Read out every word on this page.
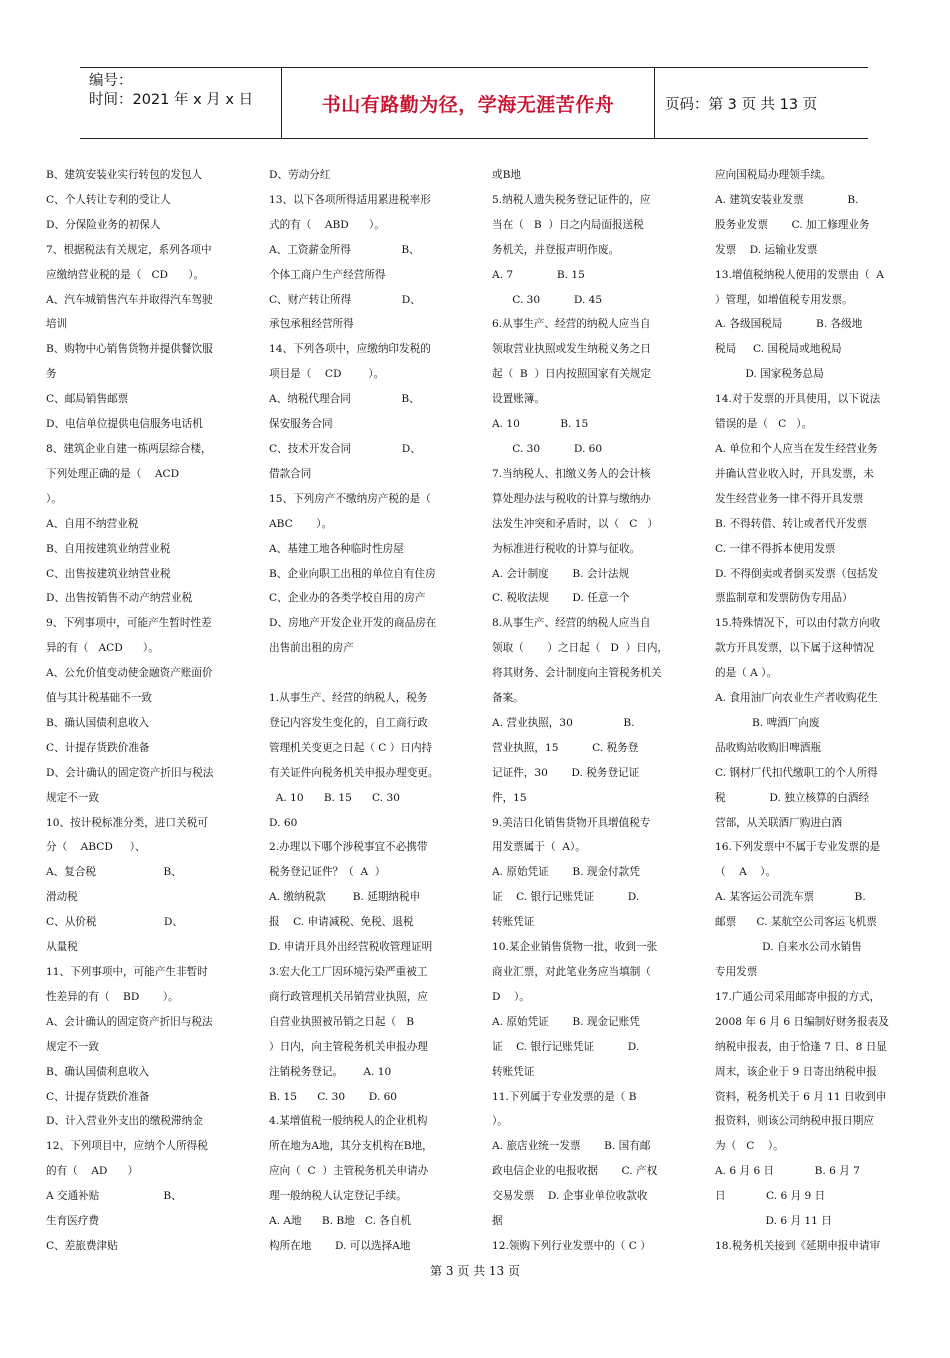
编号：
时间：2021 年 x 月 x 日	书山有路勤为径，学海无涯苦作舟	页码：第 3 页 共 13 页
B、建筑安装业实行转包的发包人
C、个人转让专利的受让人
D、分保险业务的初保人
7、根据税法有关规定，系列各项中
应缴纳营业税的是（   CD      ）。
A、汽车城销售汽车并取得汽车驾驶
培训
B、购物中心销售货物并提供餐饮服
务
C、邮局销售邮票
D、电信单位提供电信服务电话机
8、建筑企业自建一栋两层综合楼，
下列处理正确的是（    ACD
）。
A、自用不纳营业税
B、自用按建筑业纳营业税
C、出售按建筑业纳营业税
D、出售按销售不动产纳营业税
9、下列事项中，可能产生暂时性差
异的有（   ACD      ）。
A、公允价值变动使金融资产账面价
值与其计税基础不一致
B、确认国债利息收入
C、计提存货跌价准备
D、会计确认的固定资产折旧与税法
规定不一致
10、按计税标准分类，进口关税可
分（    ABCD     ）、
A、复合税                    B、
滑动税
C、从价税                    D、
从量税
11、下列事项中，可能产生非暂时
性差异的有（    BD       ）。
A、会计确认的固定资产折旧与税法
规定不一致
B、确认国债利息收入
C、计提存货跌价准备
D、计入营业外支出的缴税滞纳金
12、下列项目中，应纳个人所得税
的有（    AD      ）
A 交通补贴                   B、
生育医疗费
C、差旅费津贴
D、劳动分红
13、以下各项所得适用累进税率形
式的有（    ABD      ）。
A、工资薪金所得               B、
个体工商户生产经营所得
C、财产转让所得               D、
承包承租经营所得
14、下列各项中，应缴纳印发税的
项目是（    CD        ）。
A、纳税代理合同               B、
保安服务合同
C、技术开发合同               D、
借款合同
15、下列房产不缴纳房产税的是（
ABC       ）。
A、基建工地各种临时性房屋
B、企业向职工出租的单位自有住房
C、企业办的各类学校自用的房产
D、房地产开发企业开发的商品房在
出售前出租的房产
1.从事生产、经营的纳税人，税务
登记内容发生变化的，自工商行政
管理机关变更之日起（ C ）日内持
有关证件向税务机关申报办理变更。
A. 10      B. 15      C. 30
D. 60
2.办理以下哪个涉税事宜不必携带
税务登记证件？（  A  ）
A. 缴纳税款        B. 延期纳税申
报    C. 申请减税、免税、退税
D. 申请开具外出经营税收管理证明
3.宏大化工厂因环境污染严重被工
商行政管理机关吊销营业执照，应
自营业执照被吊销之日起（   B
）日内，向主管税务机关申报办理
注销税务登记。      A. 10
B. 15      C. 30       D. 60
4.某增值税一般纳税人的企业机构
所在地为A地，其分支机构在B地，
应向（  C  ）主管税务机关申请办
理一般纳税人认定登记手续。
A. A地      B. B地   C. 各自机
构所在地       D. 可以选择A地
或B地
5.纳税人遗失税务登记证件的，应
当在（   B  ）日之内局面报送税
务机关，并登报声明作废。
A. 7             B. 15
C. 30          D. 45
6.从事生产、经营的纳税人应当自
领取营业执照或发生纳税义务之日
起（  B  ）日内按照国家有关规定
设置账簿。
A. 10            B. 15
C. 30          D. 60
7.当纳税人、扣缴义务人的会计核
算处理办法与税收的计算与缴纳办
法发生冲突和矛盾时，以（   C   ）
为标准进行税收的计算与征收。
A. 会计制度       B. 会计法规
C. 税收法规       D. 任意一个
8.从事生产、经营的纳税人应当自
领取（       ）之日起（   D  ）日内，
将其财务、会计制度向主管税务机关
备案。
A. 营业执照，30               B.
营业执照，15          C. 税务登
记证件，30       D. 税务登记证
件，15
9.美洁日化销售货物开具增值税专
用发票属于（  A）。
A. 原始凭证       B. 现金付款凭
证    C. 银行记账凭证          D.
转账凭证
10.某企业销售货物一批，收到一张
商业汇票，对此笔业务应当填制（
D    ）。
A. 原始凭证       B. 现金记账凭
证    C. 银行记账凭证          D.
转账凭证
11.下列属于专业发票的是（ B
）。
A. 旅店业统一发票       B. 国有邮
政电信企业的电报收据       C. 产权
交易发票    D. 企事业单位收款收
据
12.领购下列行业发票中的（ C ）
应向国税局办理领手续。
A. 建筑安装业发票             B.
股务业发票       C. 加工修理业务
发票    D. 运输业发票
13.增值税纳税人使用的发票由（  A
）管理，如增值税专用发票。
A. 各级国税局          B. 各级地
税局     C. 国税局或地税局
D. 国家税务总局
14.对于发票的开具使用，以下说法
错误的是（   C   ）。
A. 单位和个人应当在发生经营业务
并确认营业收入时，开具发票，未
发生经营业务一律不得开具发票
B. 不得转借、转让或者代开发票
C. 一律不得拆本使用发票
D. 不得倒卖或者倒买发票（包括发
票监制章和发票防伪专用品）
15.特殊情况下，可以由付款方向收
款方开具发票，以下属于这种情况
的是（ A ）。
A. 食用油厂向农业生产者收购花生
B. 啤酒厂向废
品收购站收购旧啤酒瓶
C. 钢材厂代扣代缴职工的个人所得
税             D. 独立核算的白酒经
营部，从关联酒厂购进白酒
16.下列发票中不属于专业发票的是
（    A    ）。
A. 某客运公司洗车票            B.
邮票      C. 某航空公司客运飞机票
D. 自来水公司水销售
专用发票
17.广通公司采用邮寄申报的方式，
2008 年 6 月 6 日编制好财务报表及
纳税申报表，由于恰逢 7 日、8 日显
周末，该企业于 9 日寄出纳税申报
资料，税务机关于 6 月 11 日收到申
报资料，则该公司纳税申报日期应
为（   C    ）。
A. 6 月 6 日            B. 6 月 7
日            C. 6 月 9 日
D. 6 月 11 日
18.税务机关接到《延期申报申请审
第 3 页 共 13 页
